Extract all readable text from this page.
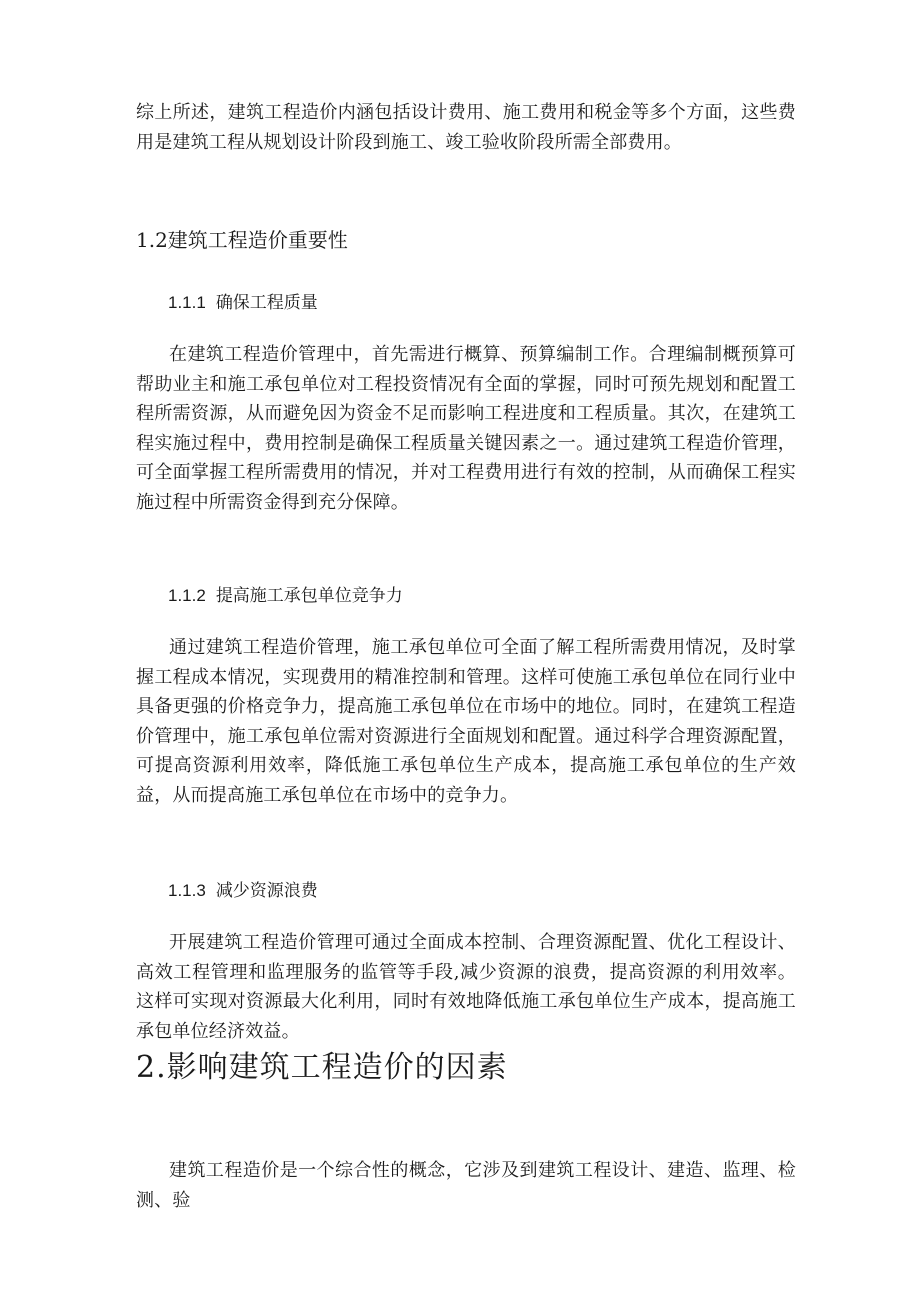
综上所述，建筑工程造价内涵包括设计费用、施工费用和税金等多个方面，这些费用是建筑工程从规划设计阶段到施工、竣工验收阶段所需全部费用。

1.2建筑工程造价重要性
1.1.1 确保工程质量

在建筑工程造价管理中，首先需进行概算、预算编制工作。合理编制概预算可帮助业主和施工承包单位对工程投资情况有全面的掌握，同时可预先规划和配置工程所需资源，从而避免因为资金不足而影响工程进度和工程质量。其次，在建筑工程实施过程中，费用控制是确保工程质量关键因素之一。通过建筑工程造价管理，可全面掌握工程所需费用的情况，并对工程费用进行有效的控制，从而确保工程实施过程中所需资金得到充分保障。

1.1.2 提高施工承包单位竞争力

通过建筑工程造价管理，施工承包单位可全面了解工程所需费用情况，及时掌握工程成本情况，实现费用的精准控制和管理。这样可使施工承包单位在同行业中具备更强的价格竞争力，提高施工承包单位在市场中的地位。同时，在建筑工程造价管理中，施工承包单位需对资源进行全面规划和配置。通过科学合理资源配置，可提高资源利用效率，降低施工承包单位生产成本，提高施工承包单位的生产效益，从而提高施工承包单位在市场中的竞争力。

1.1.3 减少资源浪费

开展建筑工程造价管理可通过全面成本控制、合理资源配置、优化工程设计、高效工程管理和监理服务的监管等手段,减少资源的浪费，提高资源的利用效率。这样可实现对资源最大化利用，同时有效地降低施工承包单位生产成本，提高施工承包单位经济效益。

2.影响建筑工程造价的因素

建筑工程造价是一个综合性的概念，它涉及到建筑工程设计、建造、监理、检测、验
